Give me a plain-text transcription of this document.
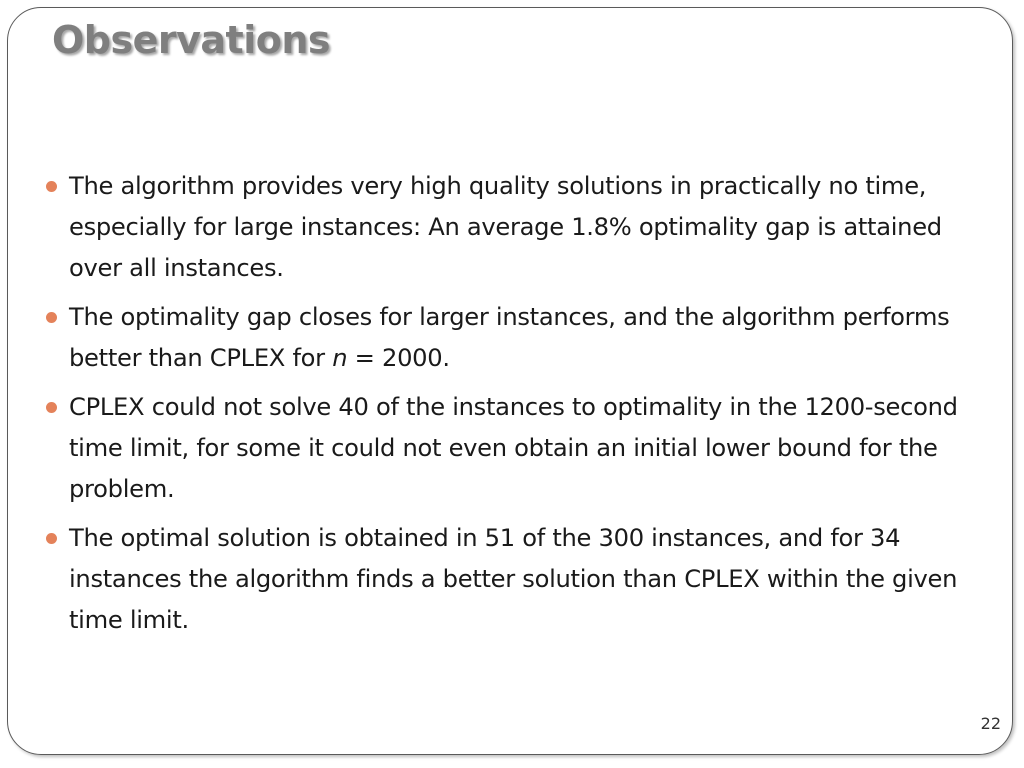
Observations
The algorithm provides very high quality solutions in practically no time, especially for large instances: An average 1.8% optimality gap is attained over all instances.
The optimality gap closes for larger instances, and the algorithm performs better than CPLEX for n = 2000.
CPLEX could not solve 40 of the instances to optimality in the 1200-second time limit, for some it could not even obtain an initial lower bound for the problem.
The optimal solution is obtained in 51 of the 300 instances, and for 34 instances the algorithm finds a better solution than CPLEX within the given time limit.
22
